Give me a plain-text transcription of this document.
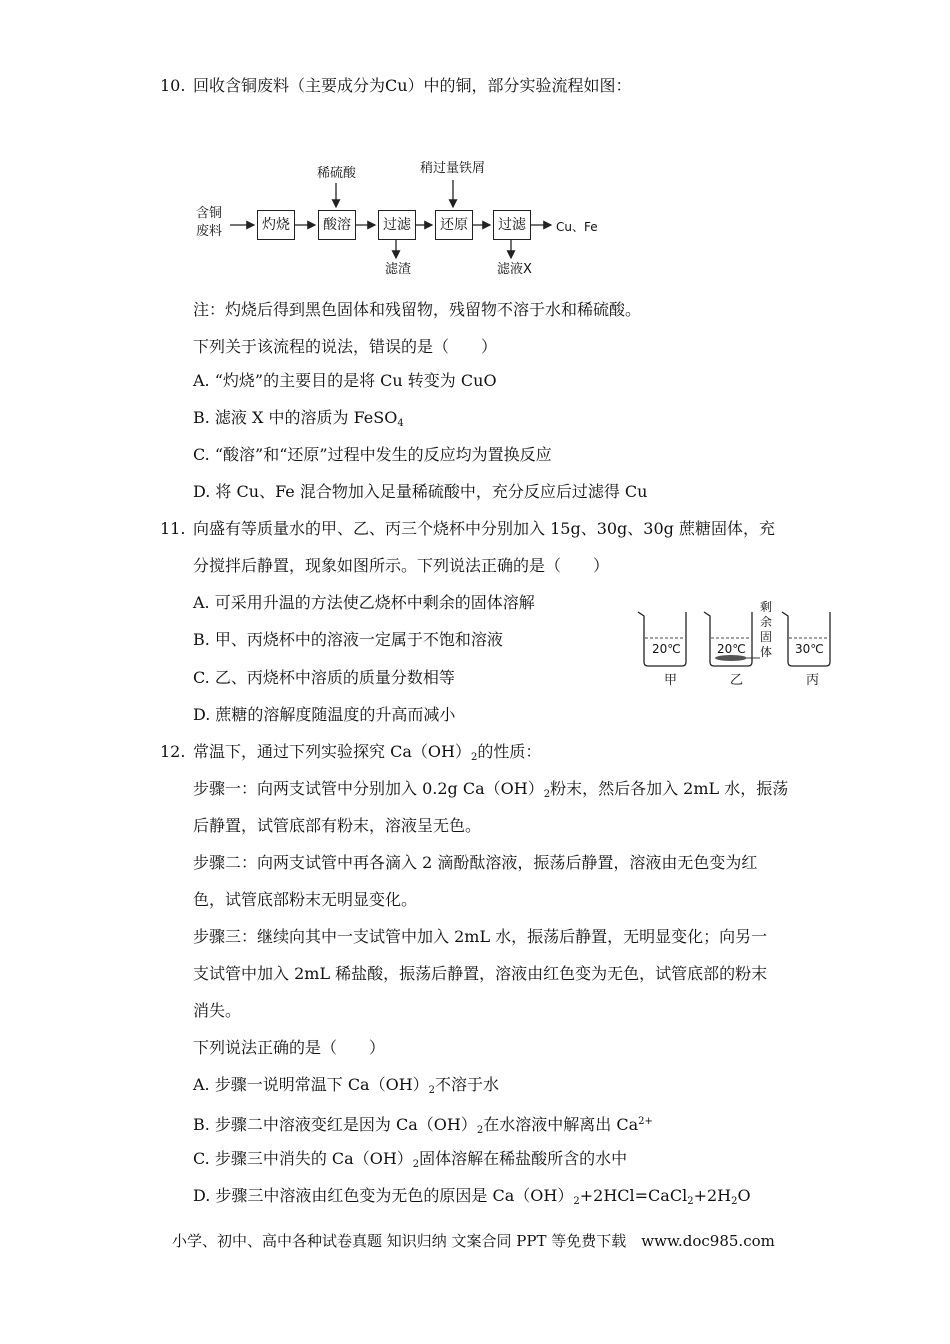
10. 回收含铜废料（主要成分为Cu）中的铜，部分实验流程如图：
含铜
废料	灼烧	酸溶	过滤	还原	过滤
稀硫酸	稍过量铁屑
滤渣	滤液X
Cu、Fe
注：灼烧后得到黑色固体和残留物，残留物不溶于水和稀硫酸。
下列关于该流程的说法，错误的是（　　）
A. “灼烧”的主要目的是将 Cu 转变为 CuO
B. 滤液 X 中的溶质为 FeSO$_4$
C. “酸溶”和“还原”过程中发生的反应均为置换反应
D. 将 Cu、Fe 混合物加入足量稀硫酸中，充分反应后过滤得 Cu
11. 向盛有等质量水的甲、乙、丙三个烧杯中分别加入 15g、30g、30g 蔗糖固体，充
分搅拌后静置，现象如图所示。下列说法正确的是（　　）
A. 可采用升温的方法使乙烧杯中剩余的固体溶解
B. 甲、丙烧杯中的溶液一定属于不饱和溶液
C. 乙、丙烧杯中溶质的质量分数相等
D. 蔗糖的溶解度随温度的升高而减小
20℃	20℃	30℃
甲	乙	丙
剩
余
固
体
12. 常温下，通过下列实验探究 $Ca(OH)_2$的性质：
步骤一：向两支试管中分别加入 0.2g $Ca(OH)_2$粉末，然后各加入 2mL 水，振荡
后静置，试管底部有粉末，溶液呈无色。
步骤二：向两支试管中再各滴入 2 滴酚酞溶液，振荡后静置，溶液由无色变为红
色，试管底部粉末无明显变化。
步骤三：继续向其中一支试管中加入 2mL 水，振荡后静置，无明显变化；向另一
支试管中加入 2mL 稀盐酸，振荡后静置，溶液由红色变为无色，试管底部的粉末
消失。
下列说法正确的是（　　）
A. 步骤一说明常温下 $Ca(OH)_2$不溶于水
B. 步骤二中溶液变红是因为 $Ca(OH)_2$在水溶液中解离出 $Ca^{2+}$
C. 步骤三中消失的 $Ca(OH)_2$固体溶解在稀盐酸所含的水中
D. 步骤三中溶液由红色变为无色的原因是 $Ca(OH)_2+2HCl=CaCl_2+2H_2O$
小学、初中、高中各种试卷真题 知识归纳 文案合同 PPT 等免费下载　www.doc985.com
